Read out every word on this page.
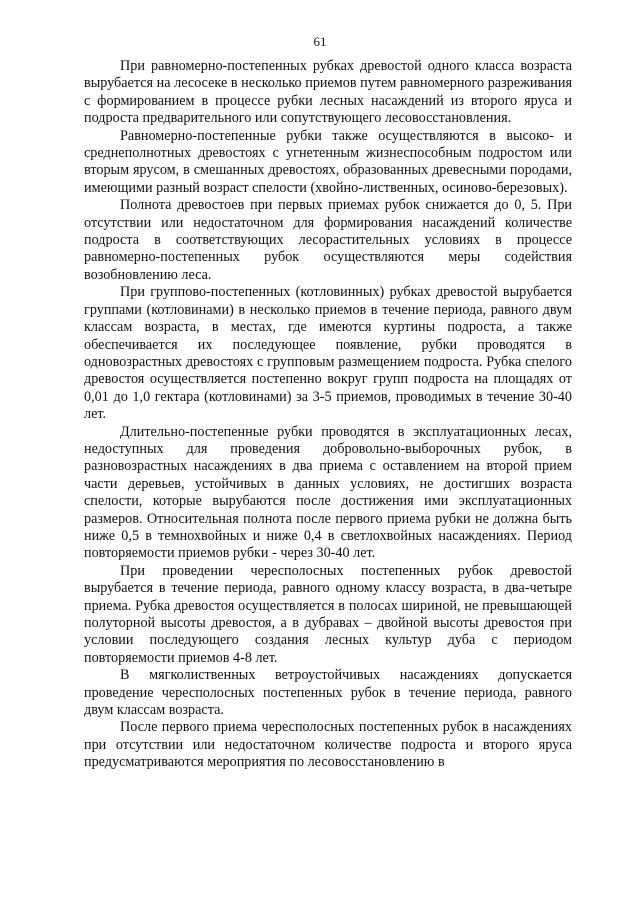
61

При равномерно-постепенных рубках древостой одного класса возраста вырубается на лесосеке в несколько приемов путем равномерного разреживания с формированием в процессе рубки лесных насаждений из второго яруса и подроста предварительного или сопутствующего лесовосстановления.

Равномерно-постепенные рубки также осуществляются в высоко- и среднеполнотных древостоях с угнетенным жизнеспособным подростом или вторым ярусом, в смешанных древостоях, образованных древесными породами, имеющими разный возраст спелости (хвойно-лиственных, осиново-березовых).

Полнота древостоев при первых приемах рубок снижается до 0, 5. При отсутствии или недостаточном для формирования насаждений количестве подроста в соответствующих лесорастительных условиях в процессе равномерно-постепенных рубок осуществляются меры содействия возобновлению леса.

При группово-постепенных (котловинных) рубках древостой вырубается группами (котловинами) в несколько приемов в течение периода, равного двум классам возраста, в местах, где имеются куртины подроста, а также обеспечивается их последующее появление, рубки проводятся в одновозрастных древостоях с групповым размещением подроста. Рубка спелого древостоя осуществляется постепенно вокруг групп подроста на площадях от 0,01 до 1,0 гектара (котловинами) за 3-5 приемов, проводимых в течение 30-40 лет.

Длительно-постепенные рубки проводятся в эксплуатационных лесах, недоступных для проведения добровольно-выборочных рубок, в разновозрастных насаждениях в два приема с оставлением на второй прием части деревьев, устойчивых в данных условиях, не достигших возраста спелости, которые вырубаются после достижения ими эксплуатационных размеров. Относительная полнота после первого приема рубки не должна быть ниже 0,5 в темнохвойных и ниже 0,4 в светлохвойных насаждениях. Период повторяемости приемов рубки - через 30-40 лет.

При проведении чересполосных постепенных рубок древостой вырубается в течение периода, равного одному классу возраста, в два-четыре приема. Рубка древостоя осуществляется в полосах шириной, не превышающей полуторной высоты древостоя, а в дубравах – двойной высоты древостоя при условии последующего создания лесных культур дуба с периодом повторяемости приемов 4-8 лет.

В мягколиственных ветроустойчивых насаждениях допускается проведение чересполосных постепенных рубок в течение периода, равного двум классам возраста.

После первого приема чересполосных постепенных рубок в насаждениях при отсутствии или недостаточном количестве подроста и второго яруса предусматриваются мероприятия по лесовосстановлению в
